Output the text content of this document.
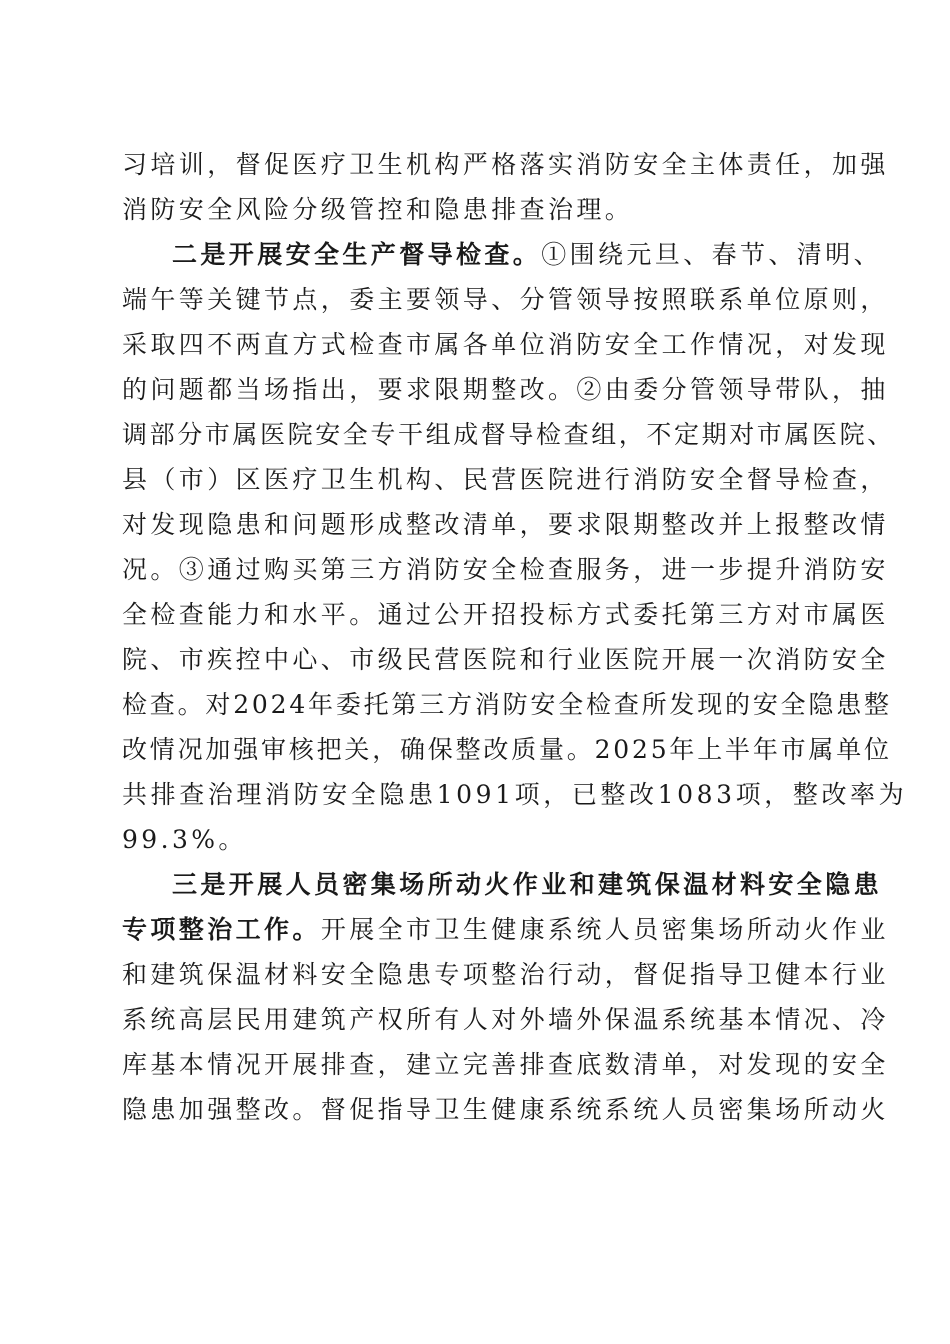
习培训，督促医疗卫生机构严格落实消防安全主体责任，加强
消防安全风险分级管控和隐患排查治理。
二是开展安全生产督导检查。①围绕元旦、春节、清明、
端午等关键节点，委主要领导、分管领导按照联系单位原则，
采取四不两直方式检查市属各单位消防安全工作情况，对发现
的问题都当场指出，要求限期整改。②由委分管领导带队，抽
调部分市属医院安全专干组成督导检查组，不定期对市属医院、
县（市）区医疗卫生机构、民营医院进行消防安全督导检查，
对发现隐患和问题形成整改清单，要求限期整改并上报整改情
况。③通过购买第三方消防安全检查服务，进一步提升消防安
全检查能力和水平。通过公开招投标方式委托第三方对市属医
院、市疾控中心、市级民营医院和行业医院开展一次消防安全
检查。对2024年委托第三方消防安全检查所发现的安全隐患整
改情况加强审核把关，确保整改质量。2025年上半年市属单位
共排查治理消防安全隐患1091项，已整改1083项，整改率为
99.3%。
三是开展人员密集场所动火作业和建筑保温材料安全隐患
专项整治工作。开展全市卫生健康系统人员密集场所动火作业
和建筑保温材料安全隐患专项整治行动，督促指导卫健本行业
系统高层民用建筑产权所有人对外墙外保温系统基本情况、冷
库基本情况开展排查，建立完善排查底数清单，对发现的安全
隐患加强整改。督促指导卫生健康系统系统人员密集场所动火
